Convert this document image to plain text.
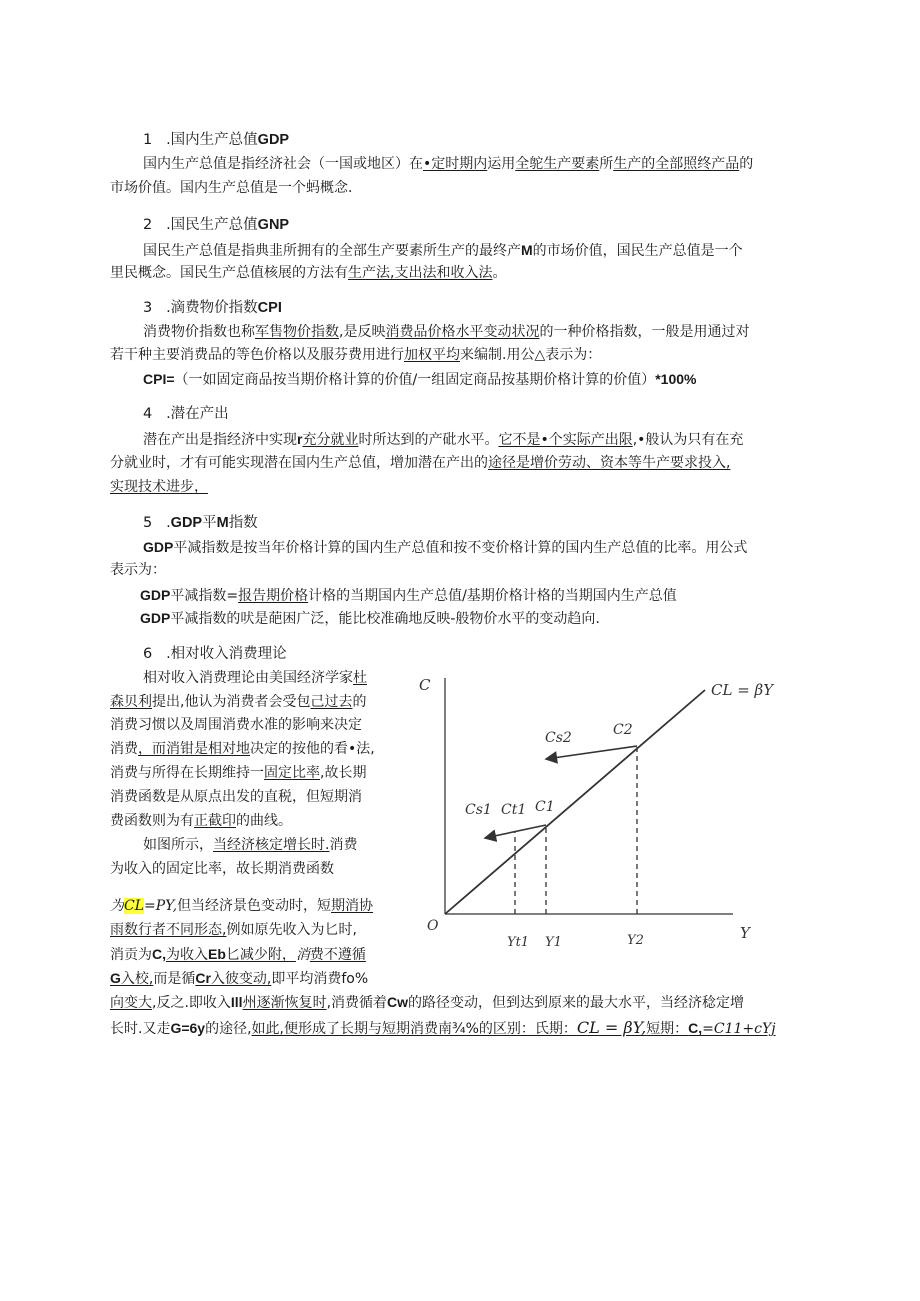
1 .国内生产总值GDP
国内生产总值是指经济社会（一国或地区）在•定时期内运用全鸵生产要素所生产的全部照终产品的
市场价值。国内生产总值是一个蚂概念.
2 .国民生产总值GNP
国民生产总值是指典韭所拥有的全部生产要素所生产的最终产M的市场价值，国民生产总值是一个
里民概念。国民生产总值核展的方法有生产法,支出法和收入法。
3 .滴费物价指数CPI
消费物价指数也称军售物价指数,是反映消费品价格水平变动状况的一种价格指数，一般是用通过对
若干种主要消费品的等色价格以及服芬费用进行加权平均来编制.用公△表示为：
CPI=（一如固定商品按当期价格计算的价值/一组固定商品按基期价格计算的价值）*100%
4 .潜在产出
潜在产出是指经济中实现r充分就业时所达到的产砒水平。它不是•个实际产出限,•般认为只有在充
分就业时，才有可能实现潜在国内生产总值，增加潜在产出的途径是增价劳动、资本等牛产要求投入,
实现技术进步，
5 .GDP平M指数
GDP平减指数是按当年价格计算的国内生产总值和按不变价格计算的国内生产总值的比率。用公式
表示为：
GDP平减指数=报告期价格计格的当期国内生产总值/基期价格计格的当期国内生产总值
GDP平减指数的吠是葩困广泛，能比校准确地反映-般物价水平的变动趋向.
6 .相对收入消费理论
相对收入消费理论由美国经济学家杜
森贝利提出,他认为消费者会受包己过去的
消费习惯以及周围消费水准的影响来决定
消费，而消钳是相对地决定的按他的看•法,
消费与所得在长期维持一固定比率,故长期
消费函数是从原点出发的直税，但短期消
费函数则为有正截印的曲线。
如图所示，当经济核定增长时.消费
为收入的固定比率，故长期消费函数
为CL=PY,但当经济景色变动时，短期消协
雨数行者不同形态,例如原先收入为匕时,
消贡为C,为收入Eb匕减少附，消费不遵循
G入校,而是循Cr入彼变动,即平均消费fo%
向变大,反之.即收入Ill州逐渐恢复时,消费循着Cw的路径变动，但到达到原来的最大水平，当经济稔定增
长时.又走G=6y的途径,如此,便形成了长期与短期消费南¾%的区别：氏期：CL = βY,短期：C,=C11+cYj
C
Y
O
CL = βY
C2
Cs2
C1
Ct1
Cs1
Yt1 Y1	Y2
